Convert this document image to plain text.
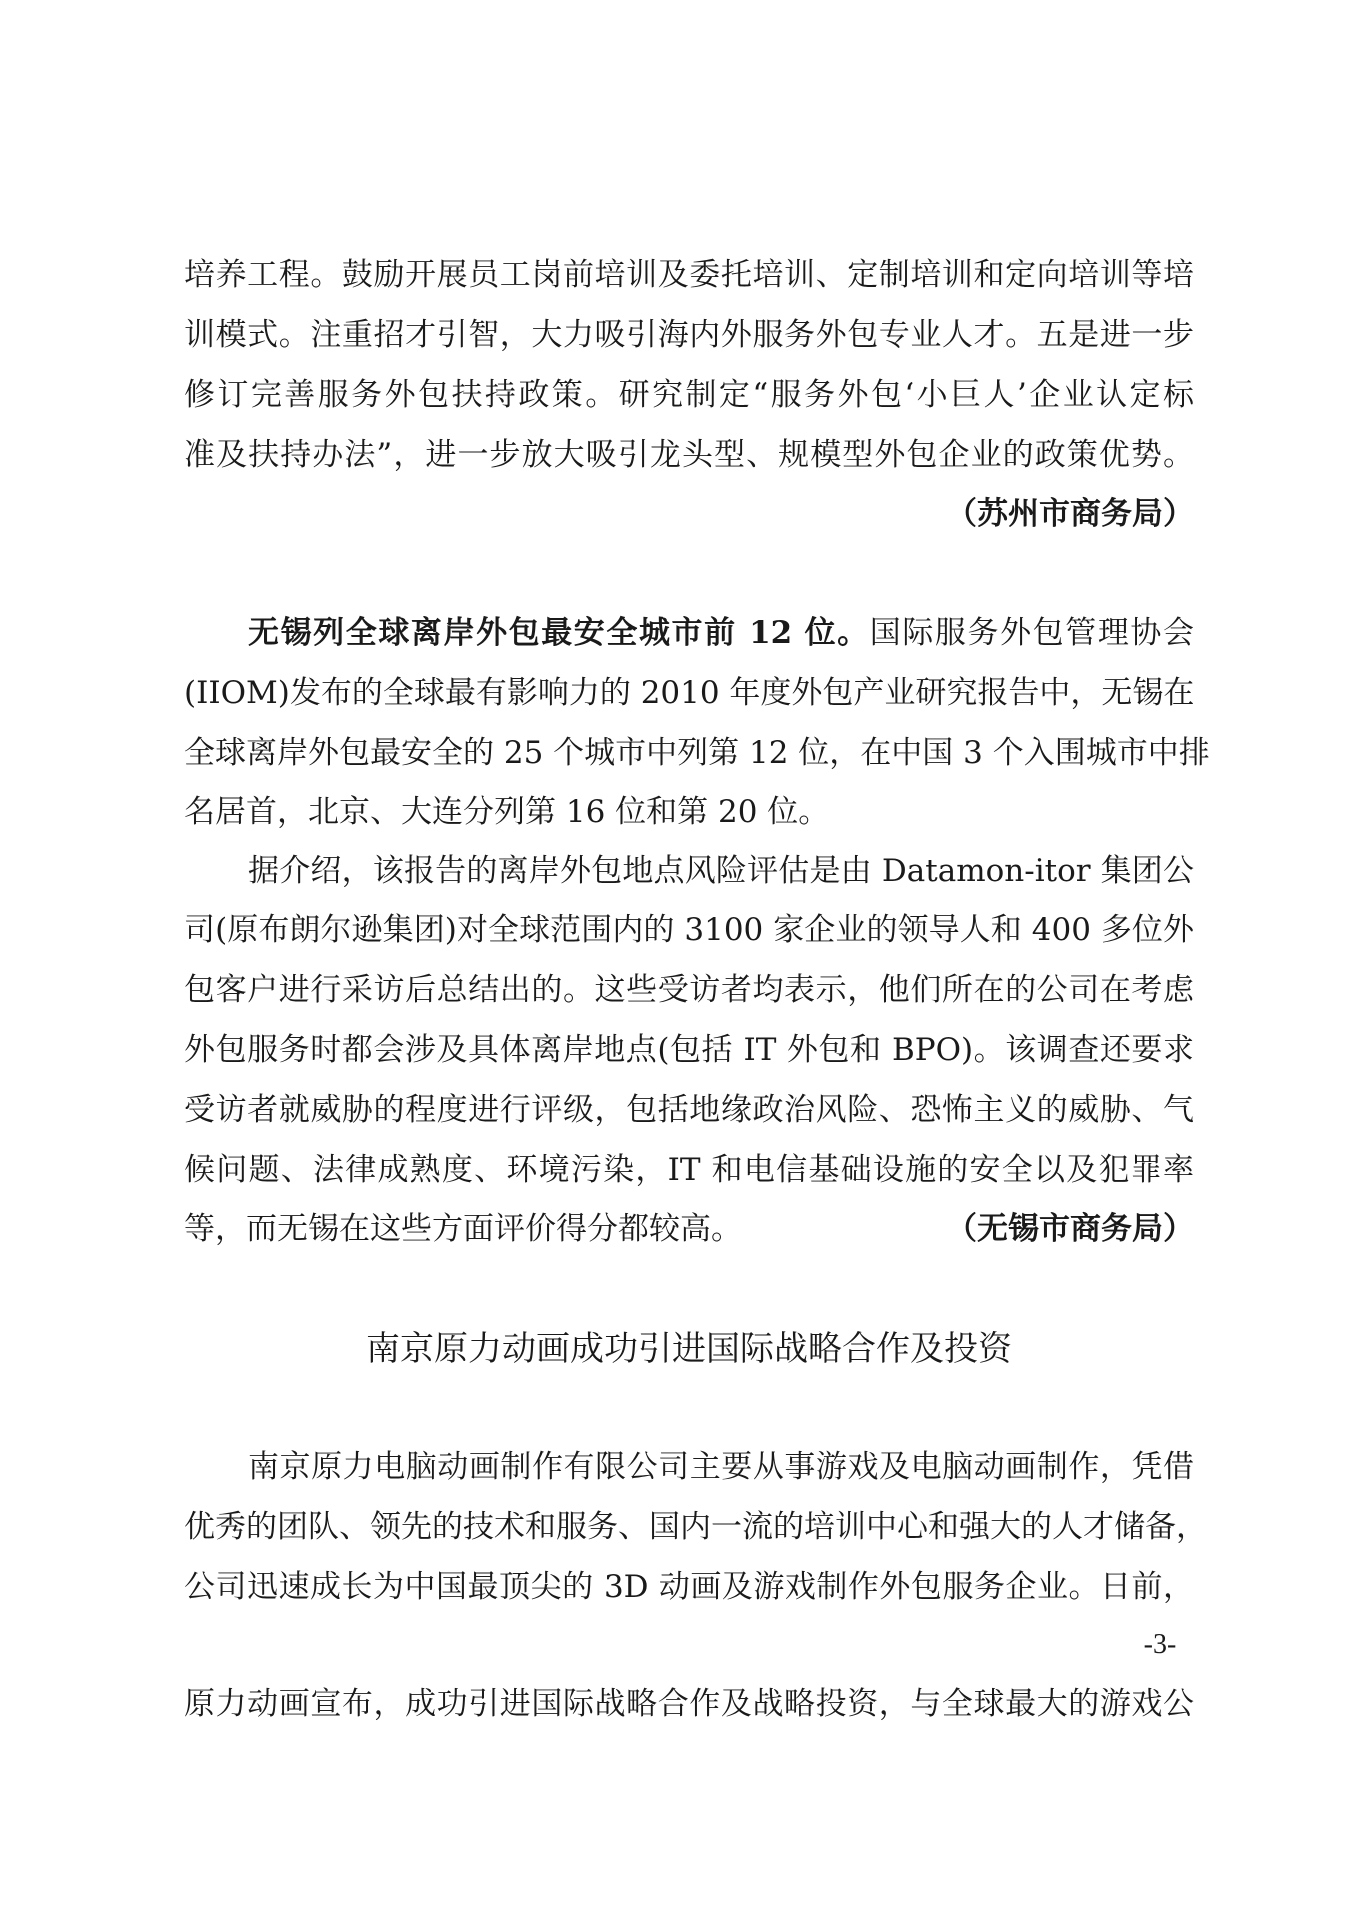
培养工程。鼓励开展员工岗前培训及委托培训、定制培训和定向培训等培
训模式。注重招才引智，大力吸引海内外服务外包专业人才。五是进一步
修订完善服务外包扶持政策。研究制定“服务外包‘小巨人’企业认定标
准及扶持办法”，进一步放大吸引龙头型、规模型外包企业的政策优势。
（苏州市商务局）
无锡列全球离岸外包最安全城市前 12 位。国际服务外包管理协会
(IIOM)发布的全球最有影响力的 2010 年度外包产业研究报告中，无锡在
全球离岸外包最安全的 25 个城市中列第 12 位，在中国 3 个入围城市中排
名居首，北京、大连分列第 16 位和第 20 位。
据介绍，该报告的离岸外包地点风险评估是由 Datamon-itor 集团公
司(原布朗尔逊集团)对全球范围内的 3100 家企业的领导人和 400 多位外
包客户进行采访后总结出的。这些受访者均表示，他们所在的公司在考虑
外包服务时都会涉及具体离岸地点(包括 IT 外包和 BPO)。该调查还要求
受访者就威胁的程度进行评级，包括地缘政治风险、恐怖主义的威胁、气
候问题、法律成熟度、环境污染，IT 和电信基础设施的安全以及犯罪率
等，而无锡在这些方面评价得分都较高。	（无锡市商务局）
南京原力动画成功引进国际战略合作及投资
南京原力电脑动画制作有限公司主要从事游戏及电脑动画制作，凭借
优秀的团队、领先的技术和服务、国内一流的培训中心和强大的人才储备，
公司迅速成长为中国最顶尖的 3D 动画及游戏制作外包服务企业。日前，
-3-
原力动画宣布，成功引进国际战略合作及战略投资，与全球最大的游戏公
